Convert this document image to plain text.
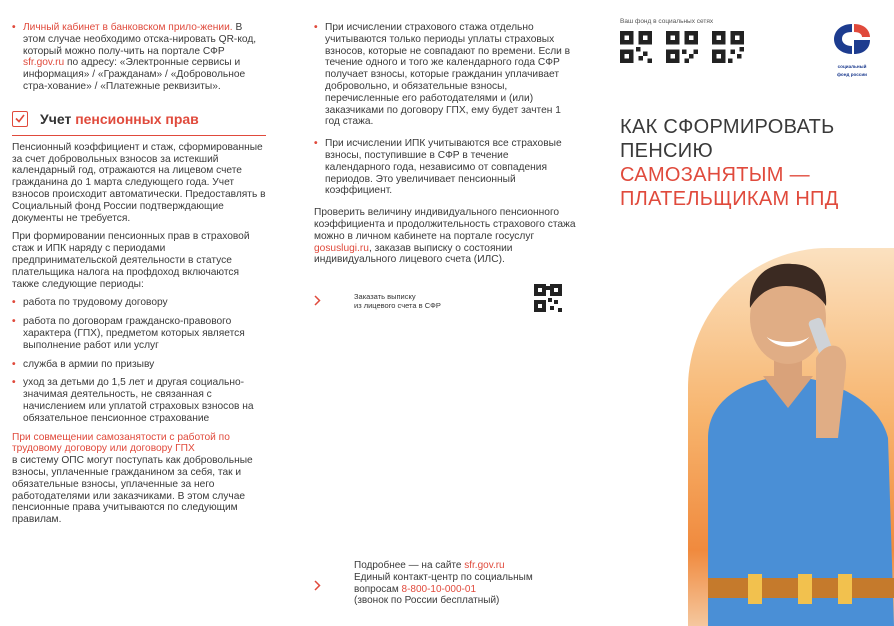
• Личный кабинет в банковском прило-жении. В этом случае необходимо отска-нировать QR-код, который можно полу-чить на портале СФР sfr.gov.ru по адресу: «Электронные сервисы и информация» / «Гражданам» / «Добровольное стра-хование» / «Платежные реквизиты».
Учет пенсионных прав

Пенсионный коэффициент и стаж, сформированные за счет добровольных взносов за истекший календарный год, отражаются на лицевом счете гражданина до 1 марта следующего года. Учет взносов происходит автоматически. Предоставлять в Социальный фонд России подтверждающие документы не требуется.

При формировании пенсионных прав в страховой стаж и ИПК наряду с периодами предпринимательской деятельности в статусе плательщика налога на профдоход включаются также следующие периоды:

• работа по трудовому договору
• работа по договорам гражданско-правового характера (ГПХ), предметом которых является выполнение работ или услуг
• служба в армии по призыву
• уход за детьми до 1,5 лет и другая социально-значимая деятельность, не связанная с начислением или уплатой страховых взносов на обязательное пенсионное страхование

При совмещении самозанятости с работой по трудовому договору или договору ГПХ

в систему ОПС могут поступать как добровольные взносы, уплаченные гражданином за себя, так и обязательные взносы, уплаченные за него работодателями или заказчиками. В этом случае пенсионные права учитываются по следующим правилам.

• При исчислении страхового стажа отдельно учитываются только периоды уплаты страховых взносов, которые не совпадают по времени. Если в течение одного и того же календарного года СФР получает взносы, которые гражданин уплачивает добровольно, и обязательные взносы, перечисленные его работодателями и (или) заказчиками по договору ГПХ, ему будет зачтен 1 год стажа.
• При исчислении ИПК учитываются все страховые взносы, поступившие в СФР в течение календарного года, независимо от совпадения периодов. Это увеличивает пенсионный коэффициент.

Проверить величину индивидуального пенсионного коэффициента и продолжительность страхового стажа можно в личном кабинете на портале госуслуг gosuslugi.ru, заказав выписку о состоянии индивидуального лицевого счета (ИЛС).

Заказать выписку
из лицевого счета в СФР
Подробнее — на сайте sfr.gov.ru
Единый контакт-центр по социальным
вопросам 8-800-10-000-01
(звонок по России бесплатный)
Ваш фонд в социальных сетях
социальный
фонд россии
КАК СФОРМИРОВАТЬ
ПЕНСИЮ
САМОЗАНЯТЫМ —
ПЛАТЕЛЬЩИКАМ НПД
